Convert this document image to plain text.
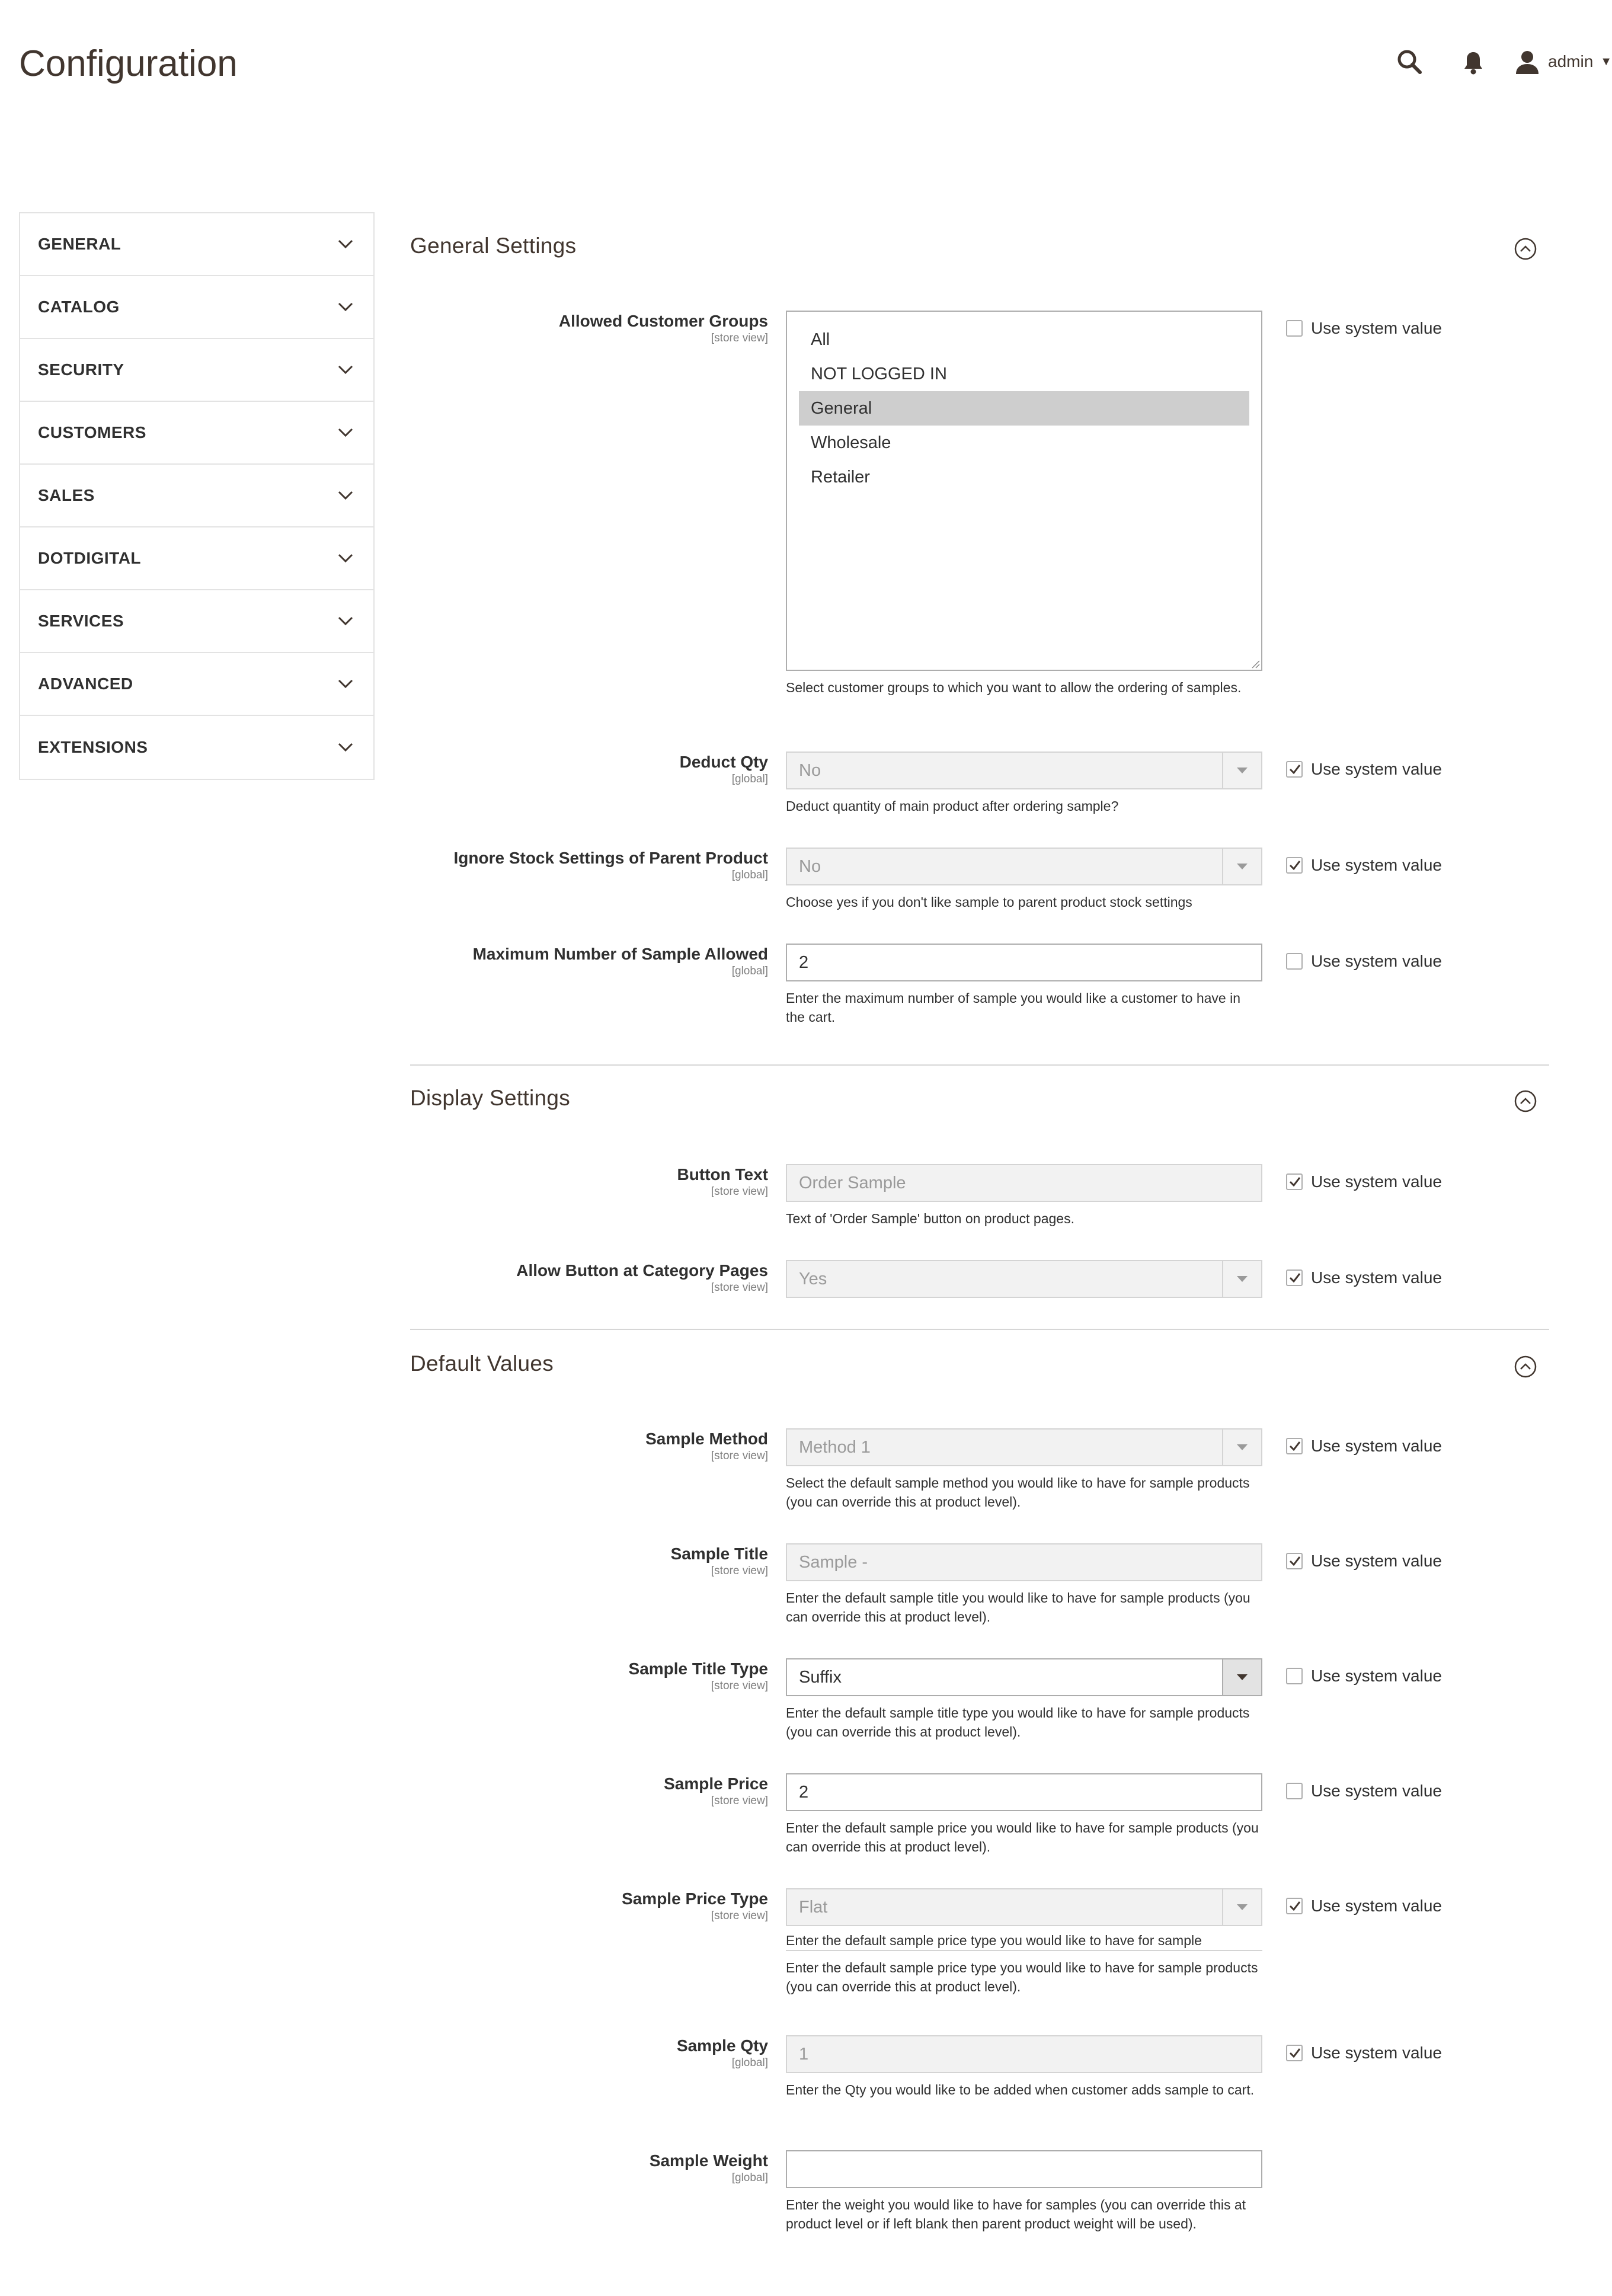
Configuration	admin ▼
GENERAL
CATALOG
SECURITY
CUSTOMERS
SALES
DOTDIGITAL
SERVICES
ADVANCED
EXTENSIONS
General Settings
Allowed Customer Groups
[store view]	All
NOT LOGGED IN
General
Wholesale
Retailer
Select customer groups to which you want to allow the ordering of samples.
Use system value
Deduct Qty
[global] No
Deduct quantity of main product after ordering sample?
Use system value
Ignore Stock Settings of Parent Product
[global] No
Choose yes if you don't like sample to parent product stock settings
Use system value
Maximum Number of Sample Allowed
[global]	2
Enter the maximum number of sample you would like a customer to have in the cart.
Use system value
Display Settings
Button Text
[store view]	Order Sample
Text of 'Order Sample' button on product pages.
Use system value
Allow Button at Category Pages
[store view] Yes	Use system value
Default Values
Sample Method
[store view] Method 1
Select the default sample method you would like to have for sample products (you can override this at product level).
Use system value
Sample Title
[store view]	Sample -
Enter the default sample title you would like to have for sample products (you can override this at product level).
Use system value
Sample Title Type
[store view] Suffix
Enter the default sample title type you would like to have for sample products (you can override this at product level).
Use system value
Sample Price
[store view]	2
Enter the default sample price you would like to have for sample products (you can override this at product level).
Use system value
Sample Price Type
[store view] Flat
Enter the default sample price type you would like to have for sample
Enter the default sample price type you would like to have for sample products (you can override this at product level).
Use system value
Sample Qty
[global]	1
Enter the Qty you would like to be added when customer adds sample to cart.
Use system value
Sample Weight
[global]
Enter the weight you would like to have for samples (you can override this at product level or if left blank then parent product weight will be used).
